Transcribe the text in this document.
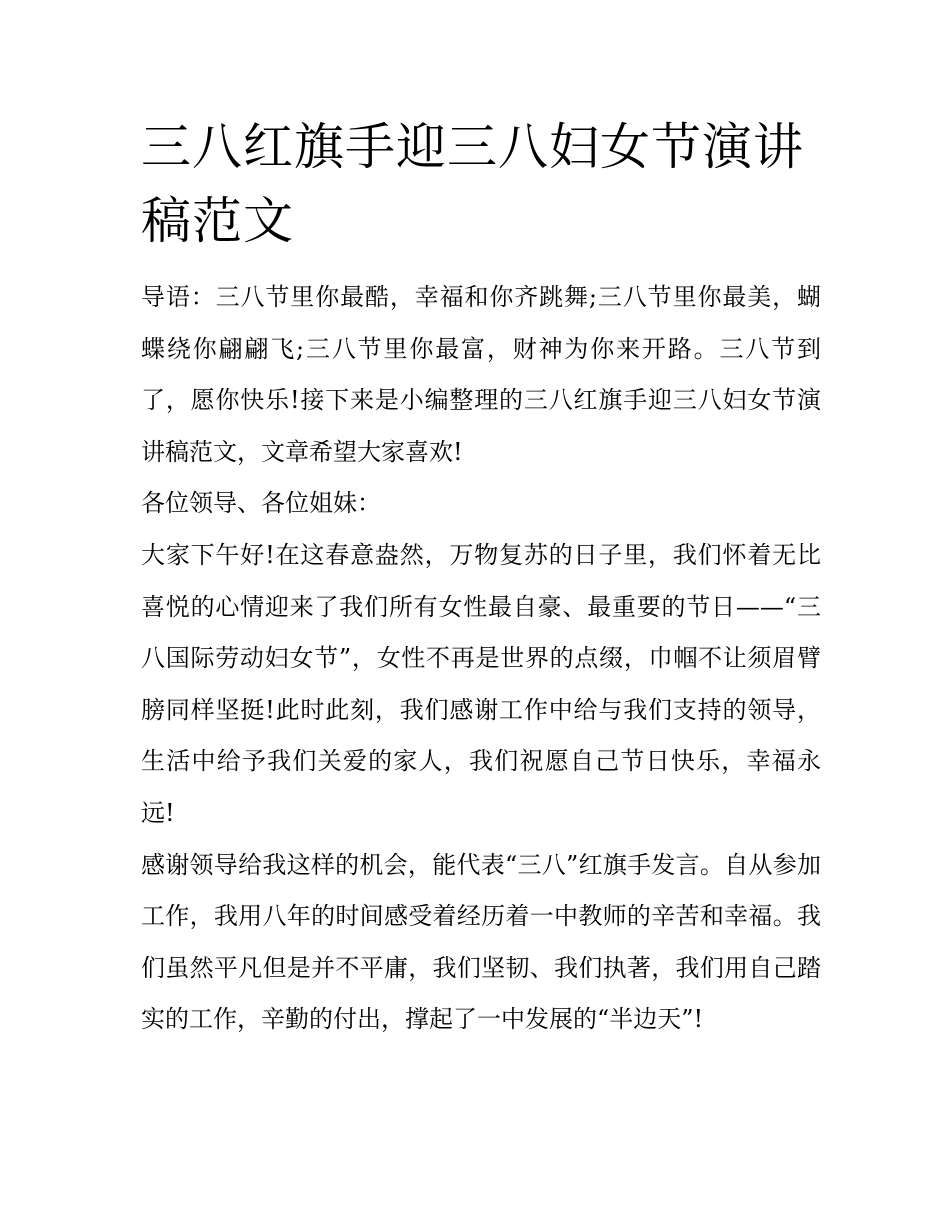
三八红旗手迎三八妇女节演讲稿范文

导语：三八节里你最酷，幸福和你齐跳舞;三八节里你最美，蝴蝶绕你翩翩飞;三八节里你最富，财神为你来开路。三八节到了，愿你快乐!接下来是小编整理的三八红旗手迎三八妇女节演讲稿范文，文章希望大家喜欢!

各位领导、各位姐妹：

大家下午好!在这春意盎然，万物复苏的日子里，我们怀着无比喜悦的心情迎来了我们所有女性最自豪、最重要的节日——“三八国际劳动妇女节”，女性不再是世界的点缀，巾帼不让须眉臂膀同样坚挺!此时此刻，我们感谢工作中给与我们支持的领导，生活中给予我们关爱的家人，我们祝愿自己节日快乐，幸福永远!

感谢领导给我这样的机会，能代表“三八”红旗手发言。自从参加工作，我用八年的时间感受着经历着一中教师的辛苦和幸福。我们虽然平凡但是并不平庸，我们坚韧、我们执著，我们用自己踏实的工作，辛勤的付出，撑起了一中发展的“半边天”!
